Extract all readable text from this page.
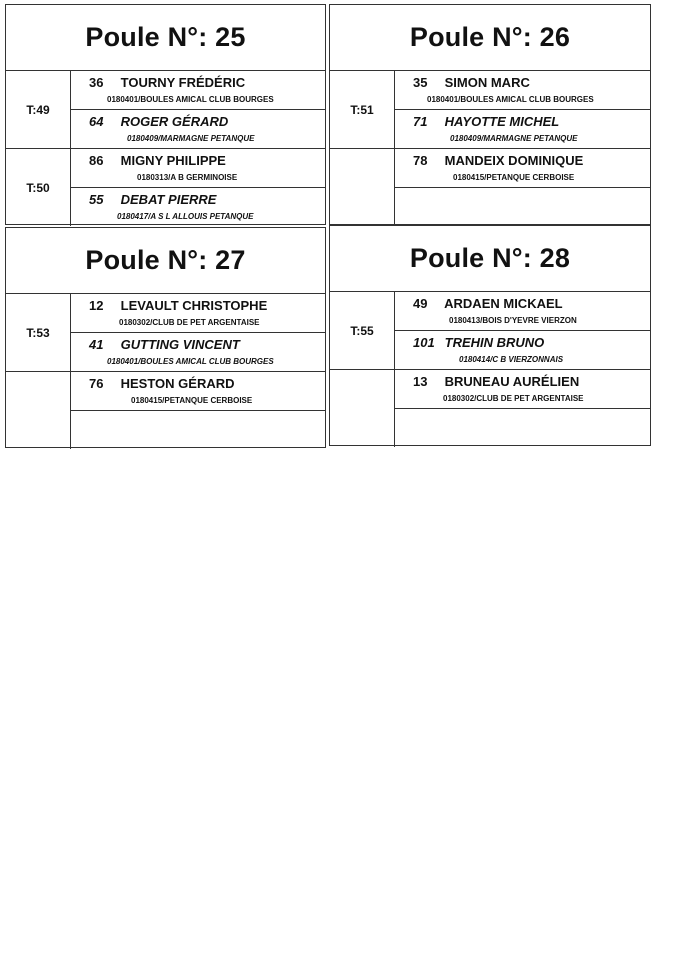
Poule N°: 25
T:49
36 TOURNY FRÉDÉRIC
0180401/BOULES AMICAL CLUB BOURGES
64 ROGER GÉRARD
0180409/MARMAGNE PETANQUE
T:50
86 MIGNY PHILIPPE
0180313/A B GERMINOISE
55 DEBAT PIERRE
0180417/A S L ALLOUIS PETANQUE
Poule N°: 26
T:51
35 SIMON MARC
0180401/BOULES AMICAL CLUB BOURGES
71 HAYOTTE MICHEL
0180409/MARMAGNE PETANQUE
78 MANDEIX DOMINIQUE
0180415/PETANQUE CERBOISE
Poule N°: 27
T:53
12 LEVAULT CHRISTOPHE
0180302/CLUB DE PET ARGENTAISE
41 GUTTING VINCENT
0180401/BOULES AMICAL CLUB BOURGES
76 HESTON GÉRARD
0180415/PETANQUE CERBOISE
Poule N°: 28
T:55
49 ARDAEN MICKAEL
0180413/BOIS D'YEVRE VIERZON
101 TREHIN BRUNO
0180414/C B VIERZONNAIS
13 BRUNEAU AURÉLIEN
0180302/CLUB DE PET ARGENTAISE
